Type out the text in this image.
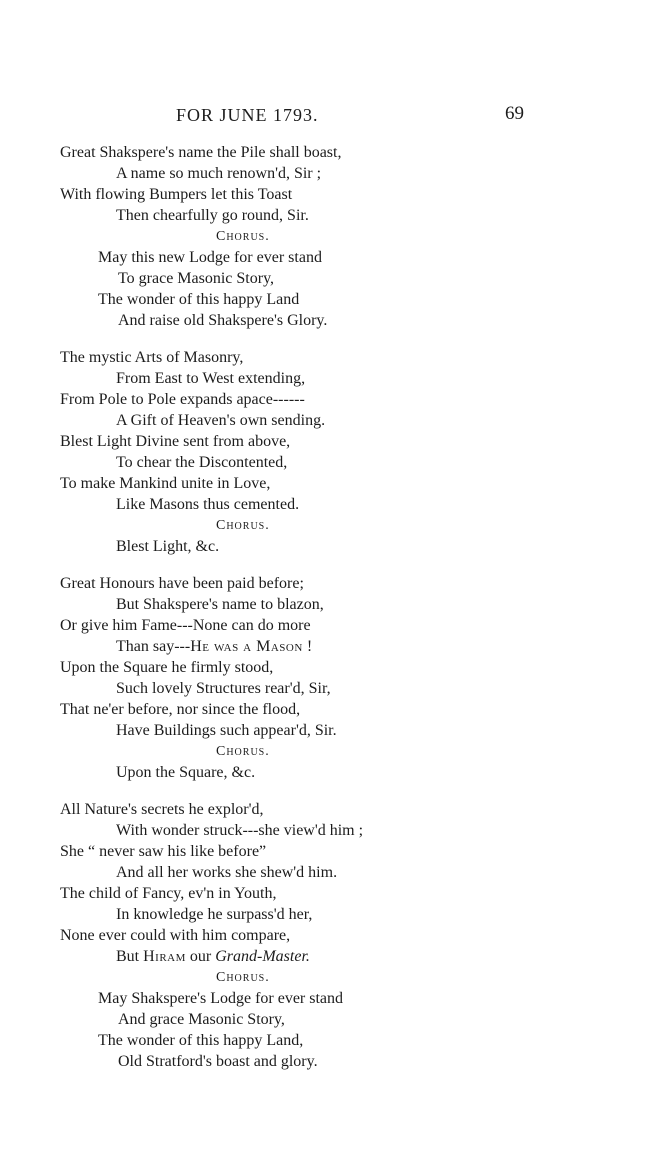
FOR JUNE 1793.	69
Great Shakspere's name the Pile shall boast,
A name so much renown'd, Sir ;
With flowing Bumpers let this Toast
Then chearfully go round, Sir.
Chorus.
May this new Lodge for ever stand
To grace Masonic Story,
The wonder of this happy Land
And raise old Shakspere's Glory.
The mystic Arts of Masonry,
From East to West extending,
From Pole to Pole expands apace------
A Gift of Heaven's own sending.
Blest Light Divine sent from above,
To chear the Discontented,
To make Mankind unite in Love,
Like Masons thus cemented.
Chorus.
Blest Light, &c.
Great Honours have been paid before;
But Shakspere's name to blazon,
Or give him Fame---None can do more
Than say---He was a Mason !
Upon the Square he firmly stood,
Such lovely Structures rear'd, Sir,
That ne'er before, nor since the flood,
Have Buildings such appear'd, Sir.
Chorus.
Upon the Square, &c.
All Nature's secrets he explor'd,
With wonder struck---she view'd him ;
She “ never saw his like before”
And all her works she shew'd him.
The child of Fancy, ev'n in Youth,
In knowledge he surpass'd her,
None ever could with him compare,
But Hiram our Grand-Master.
Chorus.
May Shakspere's Lodge for ever stand
And grace Masonic Story,
The wonder of this happy Land,
Old Stratford's boast and glory.
